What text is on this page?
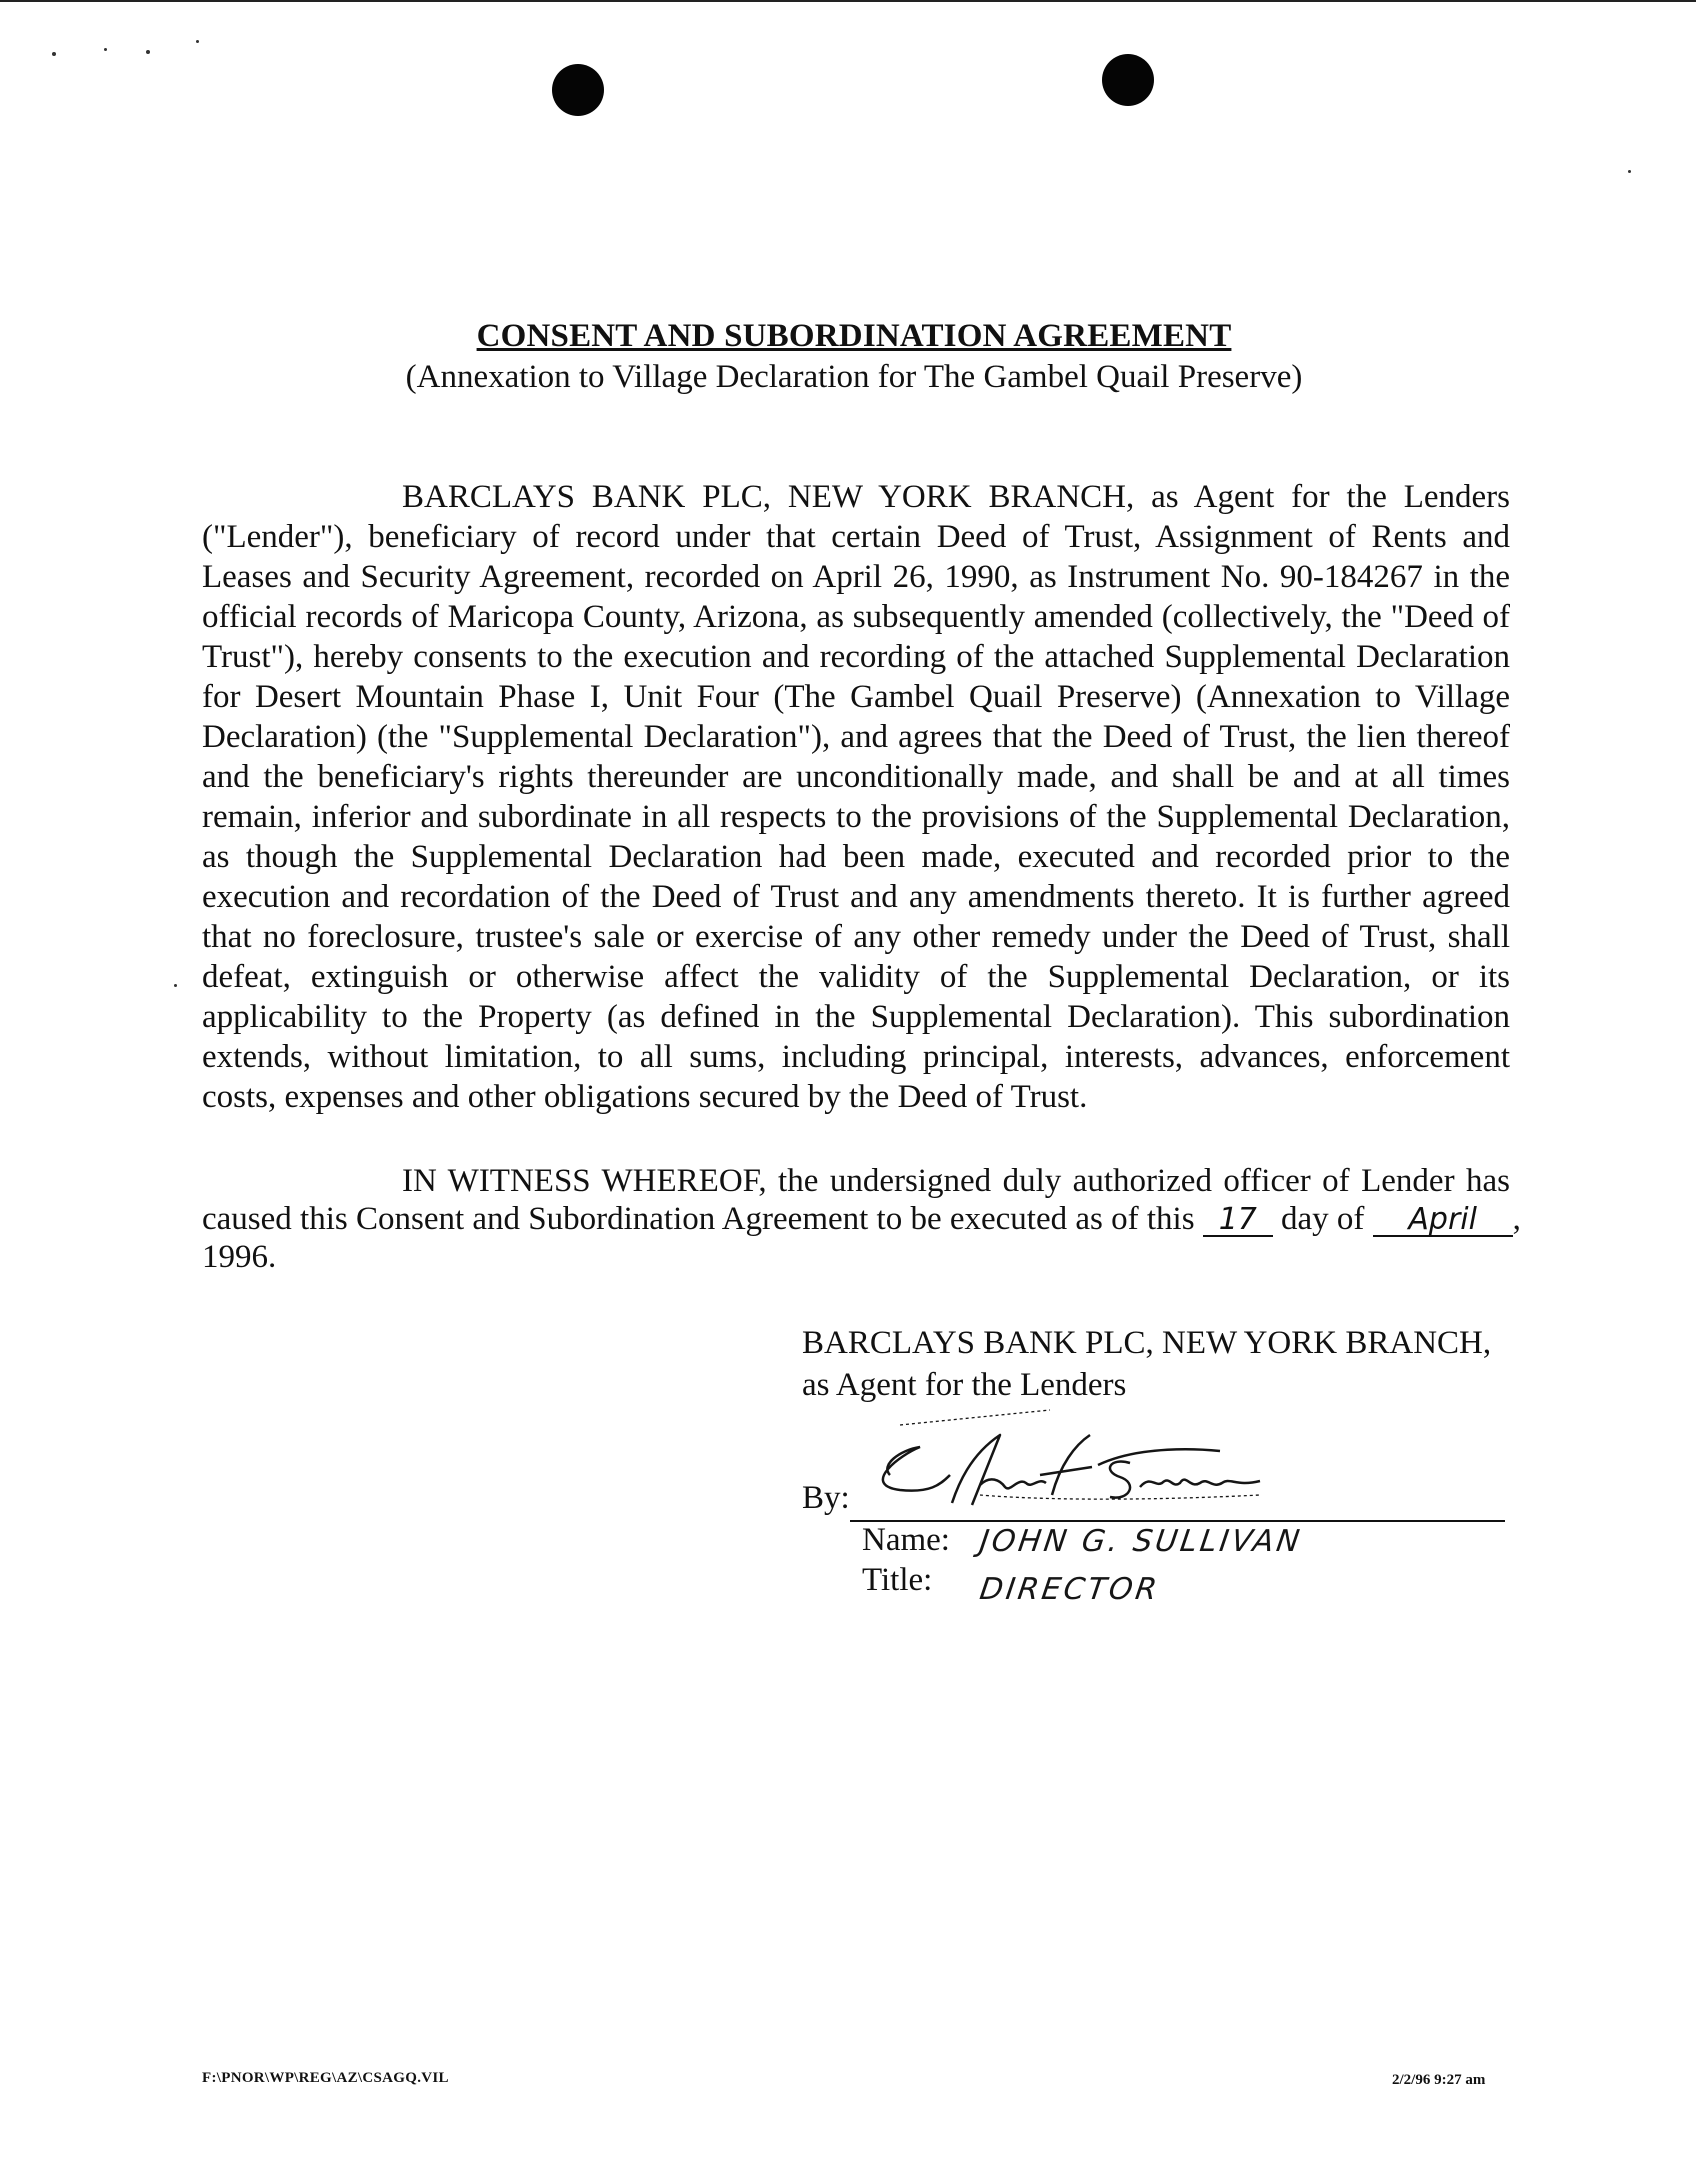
CONSENT AND SUBORDINATION AGREEMENT
(Annexation to Village Declaration for The Gambel Quail Preserve)

BARCLAYS BANK PLC, NEW YORK BRANCH, as Agent for the Lenders ("Lender"), beneficiary of record under that certain Deed of Trust, Assignment of Rents and Leases and Security Agreement, recorded on April 26, 1990, as Instrument No. 90-184267 in the official records of Maricopa County, Arizona, as subsequently amended (collectively, the "Deed of Trust"), hereby consents to the execution and recording of the attached Supplemental Declaration for Desert Mountain Phase I, Unit Four (The Gambel Quail Preserve) (Annexation to Village Declaration) (the "Supplemental Declaration"), and agrees that the Deed of Trust, the lien thereof and the beneficiary's rights thereunder are unconditionally made, and shall be and at all times remain, inferior and subordinate in all respects to the provisions of the Supplemental Declaration, as though the Supplemental Declaration had been made, executed and recorded prior to the execution and recordation of the Deed of Trust and any amendments thereto. It is further agreed that no foreclosure, trustee's sale or exercise of any other remedy under the Deed of Trust, shall defeat, extinguish or otherwise affect the validity of the Supplemental Declaration, or its applicability to the Property (as defined in the Supplemental Declaration). This subordination extends, without limitation, to all sums, including principal, interests, advances, enforcement costs, expenses and other obligations secured by the Deed of Trust.

IN WITNESS WHEREOF, the undersigned duly authorized officer of Lender has
caused this Consent and Subordination Agreement to be executed as of this 17 day of April ,
1996.
BARCLAYS BANK PLC, NEW YORK BRANCH,
as Agent for the Lenders
By:
Name: JOHN G. SULLIVAN
Title: DIRECTOR
F:\PNOR\WP\REG\AZ\CSAGQ.VIL	2/2/96 9:27 am
